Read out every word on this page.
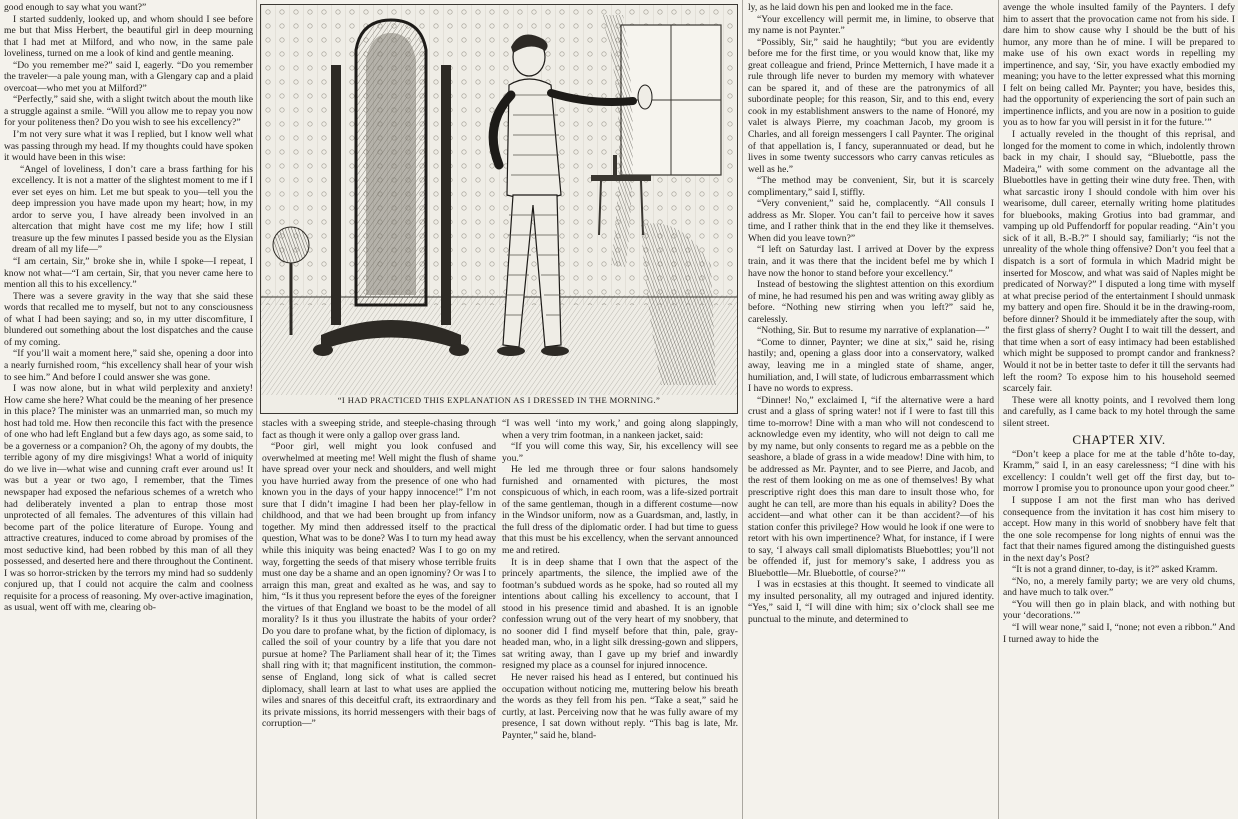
good enough to say what you want?”

I started suddenly, looked up, and whom should I see before me but that Miss Herbert, the beautiful girl in deep mourning that I had met at Milford, and who now, in the same pale loveliness, turned on me a look of kind and gentle meaning.

“Do you remember me?” said I, eagerly. “Do you remember the traveler—a pale young man, with a Glengary cap and a plaid overcoat—who met you at Milford?”

“Perfectly,” said she, with a slight twitch about the mouth like a struggle against a smile. “Will you allow me to repay you now for your politeness then? Do you wish to see his excellency?”

I’m not very sure what it was I replied, but I know well what was passing through my head. If my thoughts could have spoken it would have been in this wise:

“Angel of loveliness, I don’t care a brass farthing for his excellency. It is not a matter of the slightest moment to me if I ever set eyes on him. Let me but speak to you—tell you the deep impression you have made upon my heart; how, in my ardor to serve you, I have already been involved in an altercation that might have cost me my life; how I still treasure up the few minutes I passed beside you as the Elysian dream of all my life—”

“I am certain, Sir,” broke she in, while I spoke—I repeat, I know not what—“I am certain, Sir, that you never came here to mention all this to his excellency.”

There was a severe gravity in the way that she said these words that recalled me to myself, but not to any consciousness of what I had been saying; and so, in my utter discomfiture, I blundered out something about the lost dispatches and the cause of my coming.

“If you’ll wait a moment here,” said she, opening a door into a nearly furnished room, “his excellency shall hear of your wish to see him.” And before I could answer she was gone.

I was now alone, but in what wild perplexity and anxiety! How came she here? What could be the meaning of her presence in this place? The minister was an unmarried man, so much my host had told me. How then reconcile this fact with the presence of one who had left England but a few days ago, as some said, to be a governess or a companion? Oh, the agony of my doubts, the terrible agony of my dire misgivings! What a world of iniquity do we live in—what wise and cunning craft ever around us! It was but a year or two ago, I remember, that the Times newspaper had exposed the nefarious schemes of a wretch who had deliberately invented a plan to entrap those most unprotected of all females. The adventures of this villain had become part of the police literature of Europe. Young and attractive creatures, induced to come abroad by promises of the most seductive kind, had been robbed by this man of all they possessed, and deserted here and there throughout the Continent. I was so horror-stricken by the terrors my mind had so suddenly conjured up, that I could not acquire the calm and coolness requisite for a process of reasoning. My over-active imagination, as usual, went off with me, clearing ob-

“I HAD PRACTICED THIS EXPLANATION AS I DRESSED IN THE MORNING.”

stacles with a sweeping stride, and steeple-chasing through fact as though it were only a gallop over grass land.

“Poor girl, well might you look confused and overwhelmed at meeting me! Well might the flush of shame have spread over your neck and shoulders, and well might you have hurried away from the presence of one who had known you in the days of your happy innocence!” I’m not sure that I didn’t imagine I had been her play-fellow in childhood, and that we had been brought up from infancy together. My mind then addressed itself to the practical question, What was to be done? Was I to turn my head away while this iniquity was being enacted? Was I to go on my way, forgetting the seeds of that misery whose terrible fruits must one day be a shame and an open ignominy? Or was I to arraign this man, great and exalted as he was, and say to him, “Is it thus you represent before the eyes of the foreigner the virtues of that England we boast to be the model of all morality? Is it thus you illustrate the habits of your order? Do you dare to profane what, by the fiction of diplomacy, is called the soil of your country by a life that you dare not pursue at home? The Parliament shall hear of it; the Times shall ring with it; that magnificent institution, the common-sense of England, long sick of what is called secret diplomacy, shall learn at last to what uses are applied the wiles and snares of this deceitful craft, its extraordinary and its private missions, its horrid messengers with their bags of corruption—”

“I was well ‘into my work,’ and going along slappingly, when a very trim footman, in a nankeen jacket, said:

“If you will come this way, Sir, his excellency will see you.”

He led me through three or four salons handsomely furnished and ornamented with pictures, the most conspicuous of which, in each room, was a life-sized portrait of the same gentleman, though in a different costume—now in the Windsor uniform, now as a Guardsman, and, lastly, in the full dress of the diplomatic order. I had but time to guess that this must be his excellency, when the servant announced me and retired.

It is in deep shame that I own that the aspect of the princely apartments, the silence, the implied awe of the footman’s subdued words as he spoke, had so routed all my intentions about calling his excellency to account, that I stood in his presence timid and abashed. It is an ignoble confession wrung out of the very heart of my snobbery, that no sooner did I find myself before that thin, pale, gray-headed man, who, in a light silk dressing-gown and slippers, sat writing away, than I gave up my brief and inwardly resigned my place as a counsel for injured innocence.

He never raised his head as I entered, but continued his occupation without noticing me, muttering below his breath the words as they fell from his pen. “Take a seat,” said he curtly, at last. Perceiving now that he was fully aware of my presence, I sat down without reply. “This bag is late, Mr. Paynter,” said he, bland-

ly, as he laid down his pen and looked me in the face.

“Your excellency will permit me, in limine, to observe that my name is not Paynter.”

“Possibly, Sir,” said he haughtily; “but you are evidently before me for the first time, or you would know that, like my great colleague and friend, Prince Metternich, I have made it a rule through life never to burden my memory with whatever can be spared it, and of these are the patronymics of all subordinate people; for this reason, Sir, and to this end, every cook in my establishment answers to the name of Honoré, my valet is always Pierre, my coachman Jacob, my groom is Charles, and all foreign messengers I call Paynter. The original of that appellation is, I fancy, superannuated or dead, but he lives in some twenty successors who carry canvas reticules as well as he.”

“The method may be convenient, Sir, but it is scarcely complimentary,” said I, stiffly.

“Very convenient,” said he, complacently. “All consuls I address as Mr. Sloper. You can’t fail to perceive how it saves time, and I rather think that in the end they like it themselves. When did you leave town?”

“I left on Saturday last. I arrived at Dover by the express train, and it was there that the incident befel me by which I have now the honor to stand before your excellency.”

Instead of bestowing the slightest attention on this exordium of mine, he had resumed his pen and was writing away glibly as before. “Nothing new stirring when you left?” said he, carelessly.

“Nothing, Sir. But to resume my narrative of explanation—”

“Come to dinner, Paynter; we dine at six,” said he, rising hastily; and, opening a glass door into a conservatory, walked away, leaving me in a mingled state of shame, anger, humiliation, and, I will state, of ludicrous embarrassment which I have no words to express.

“Dinner! No,” exclaimed I, “if the alternative were a hard crust and a glass of spring water! not if I were to fast till this time to-morrow! Dine with a man who will not condescend to acknowledge even my identity, who will not deign to call me by my name, but only consents to regard me as a pebble on the seashore, a blade of grass in a wide meadow! Dine with him, to be addressed as Mr. Paynter, and to see Pierre, and Jacob, and the rest of them looking on me as one of themselves! By what prescriptive right does this man dare to insult those who, for aught he can tell, are more than his equals in ability? Does the accident—and what other can it be than accident?—of his station confer this privilege? How would he look if one were to retort with his own impertinence? What, for instance, if I were to say, ‘I always call small diplomatists Bluebottles; you’ll not be offended if, just for memory’s sake, I address you as Bluebottle—Mr. Bluebottle, of course?’”

I was in ecstasies at this thought. It seemed to vindicate all my insulted personality, all my outraged and injured identity. “Yes,” said I, “I will dine with him; six o’clock shall see me punctual to the minute, and determined to

avenge the whole insulted family of the Paynters. I defy him to assert that the provocation came not from his side. I dare him to show cause why I should be the butt of his humor, any more than he of mine. I will be prepared to make use of his own exact words in repelling my impertinence, and say, ‘Sir, you have exactly embodied my meaning; you have to the letter expressed what this morning I felt on being called Mr. Paynter; you have, besides this, had the opportunity of experiencing the sort of pain such an impertinence inflicts, and you are now in a position to guide you as to how far you will persist in it for the future.’”

I actually reveled in the thought of this reprisal, and longed for the moment to come in which, indolently thrown back in my chair, I should say, “Bluebottle, pass the Madeira,” with some comment on the advantage all the Bluebottles have in getting their wine duty free. Then, with what sarcastic irony I should condole with him over his wearisome, dull career, eternally writing home platitudes for bluebooks, making Grotius into bad grammar, and vamping up old Puffendorff for popular reading. “Ain’t you sick of it all, B.-B.?” I should say, familiarly; “is not the unreality of the whole thing offensive? Don’t you feel that a dispatch is a sort of formula in which Madrid might be inserted for Moscow, and what was said of Naples might be predicated of Norway?” I disputed a long time with myself at what precise period of the entertainment I should unmask my battery and open fire. Should it be in the drawing-room, before dinner? Should it be immediately after the soup, with the first glass of sherry? Ought I to wait till the dessert, and that time when a sort of easy intimacy had been established which might be supposed to prompt candor and frankness? Would it not be in better taste to defer it till the servants had left the room? To expose him to his household seemed scarcely fair.

These were all knotty points, and I revolved them long and carefully, as I came back to my hotel through the same silent street.

CHAPTER XIV.

“Don’t keep a place for me at the table d’hôte to-day, Kramm,” said I, in an easy carelessness; “I dine with his excellency: I couldn’t well get off the first day, but to-morrow I promise you to pronounce upon your good cheer.”

I suppose I am not the first man who has derived consequence from the invitation it has cost him misery to accept. How many in this world of snobbery have felt that the one sole recompense for long nights of ennui was the fact that their names figured among the distinguished guests in the next day’s Post?

“It is not a grand dinner, to-day, is it?” asked Kramm.

“No, no, a merely family party; we are very old chums, and have much to talk over.”

“You will then go in plain black, and with nothing but your ‘decorations.’”

“I will wear none,” said I, “none; not even a ribbon.” And I turned away to hide the
